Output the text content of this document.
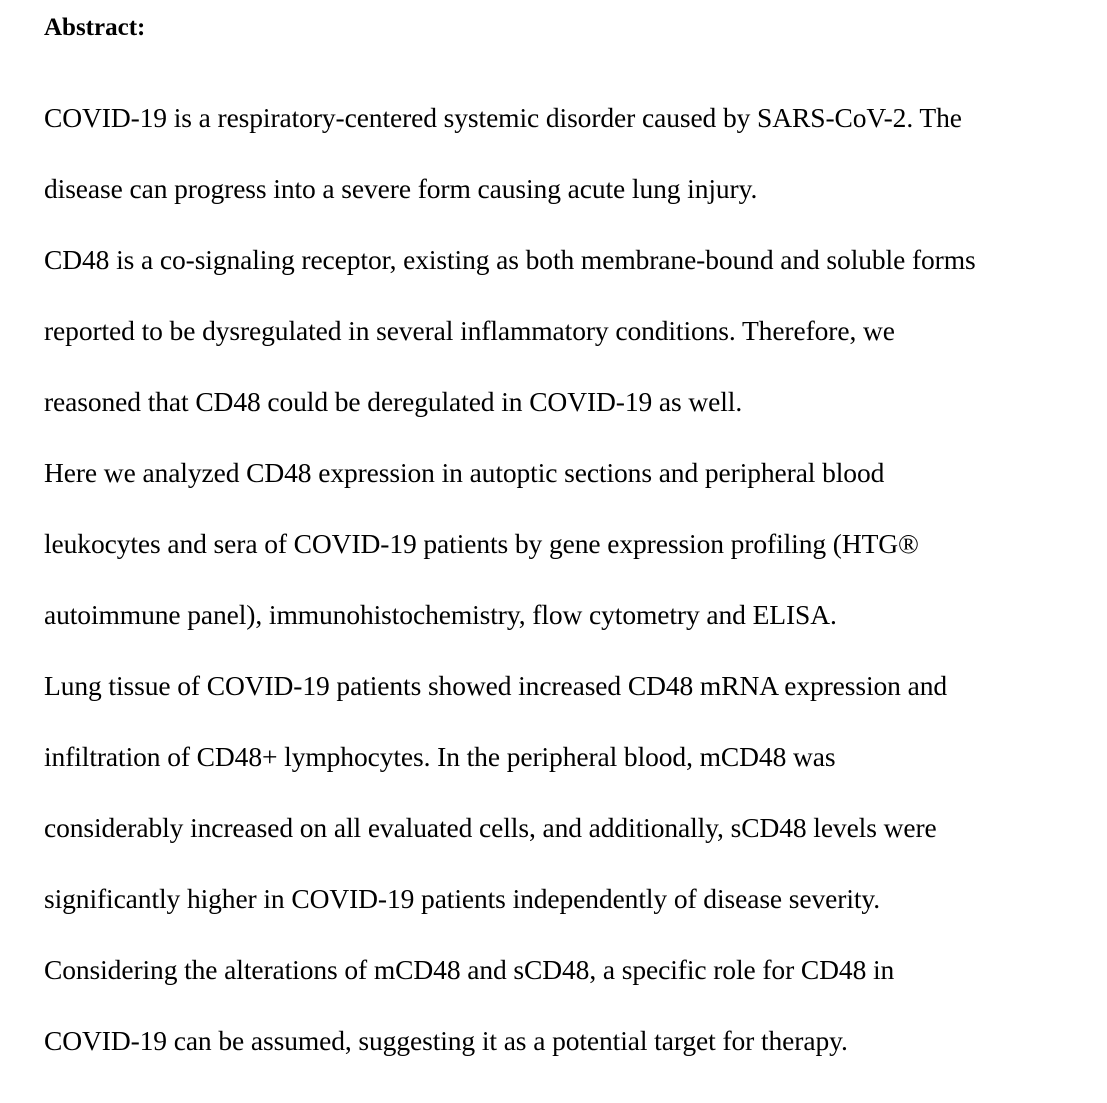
Abstract:

COVID-19 is a respiratory-centered systemic disorder caused by SARS-CoV-2. The

disease can progress into a severe form causing acute lung injury.

CD48 is a co-signaling receptor, existing as both membrane-bound and soluble forms

reported to be dysregulated in several inflammatory conditions. Therefore, we

reasoned that CD48 could be deregulated in COVID-19 as well.

Here we analyzed CD48 expression in autoptic sections and peripheral blood

leukocytes and sera of COVID-19 patients by gene expression profiling (HTG®

autoimmune panel), immunohistochemistry, flow cytometry and ELISA.

Lung tissue of COVID-19 patients showed increased CD48 mRNA expression and

infiltration of CD48+ lymphocytes. In the peripheral blood, mCD48 was

considerably increased on all evaluated cells, and additionally, sCD48 levels were

significantly higher in COVID-19 patients independently of disease severity.

Considering the alterations of mCD48 and sCD48, a specific role for CD48 in

COVID-19 can be assumed, suggesting it as a potential target for therapy.
